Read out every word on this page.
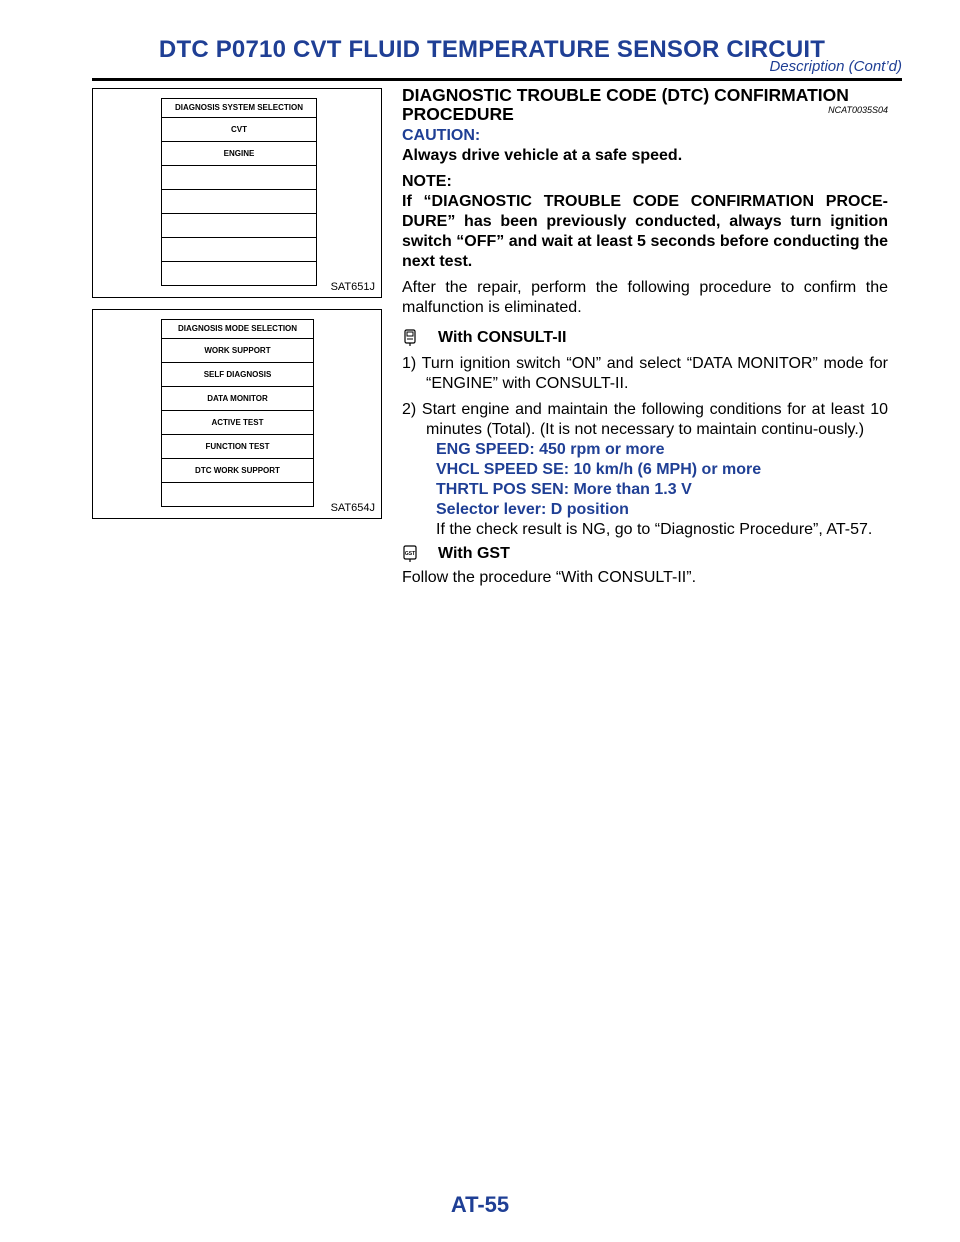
DTC P0710 CVT FLUID TEMPERATURE SENSOR CIRCUIT
Description (Cont’d)
DIAGNOSIS SYSTEM SELECTION
CVT
ENGINE
SAT651J
DIAGNOSIS MODE SELECTION
WORK SUPPORT
SELF DIAGNOSIS
DATA MONITOR
ACTIVE TEST
FUNCTION TEST
DTC WORK SUPPORT
SAT654J
DIAGNOSTIC TROUBLE CODE (DTC) CONFIRMATION PROCEDURE	NCAT0035S04
CAUTION:

Always drive vehicle at a safe speed.

NOTE:

If “DIAGNOSTIC TROUBLE CODE CONFIRMATION PROCE-DURE” has been previously conducted, always turn ignition switch “OFF” and wait at least 5 seconds before conducting the next test.

After the repair, perform the following procedure to confirm the malfunction is eliminated.

With CONSULT-II

1) Turn ignition switch “ON” and select “DATA MONITOR” mode for “ENGINE” with CONSULT-II.

2) Start engine and maintain the following conditions for at least 10 minutes (Total). (It is not necessary to maintain continu-ously.)

ENG SPEED: 450 rpm or more
VHCL SPEED SE: 10 km/h (6 MPH) or more
THRTL POS SEN: More than 1.3 V
Selector lever: D position
If the check result is NG, go to “Diagnostic Procedure”, AT-57.
GST With GST

Follow the procedure “With CONSULT-II”.

AT-55
